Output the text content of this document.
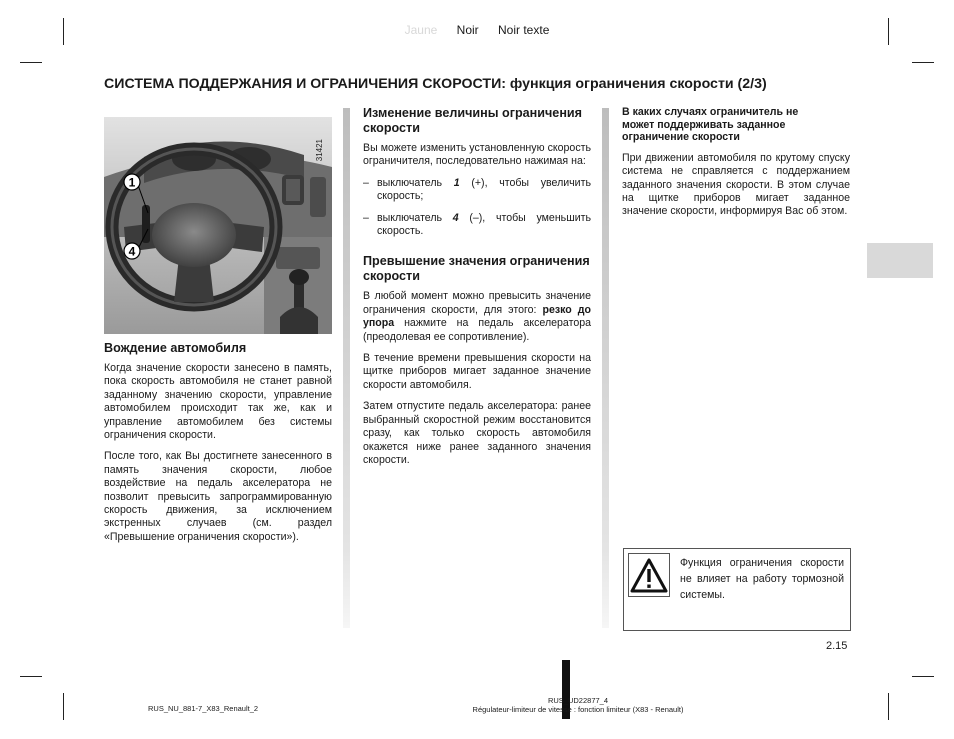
Jaune Noir Noir texte
СИСТЕМА ПОДДЕРЖАНИЯ И ОГРАНИЧЕНИЯ СКОРОСТИ: функция ограничения скорости (2/3)
31421
1
4
Вождение автомобиля

Когда значение скорости занесено в память, пока скорость автомобиля не станет равной заданному значению скорости, управление автомобилем происходит так же, как и управление автомобилем без системы ограничения скорости.

После того, как Вы достигнете занесенного в память значения скорости, любое воздействие на педаль акселератора не позволит превысить запрограммированную скорость движения, за исключением экстренных случаев (см. раздел «Превышение ограничения скорости»).

Изменение величины ограничения скорости

Вы можете изменить установленную скорость ограничителя, последовательно нажимая на:

– выключатель 1 (+), чтобы увеличить скорость;
– выключатель 4 (–), чтобы уменьшить скорость.
Превышение значения ограничения скорости

В любой момент можно превысить значение ограничения скорости, для этого: резко до упора нажмите на педаль акселератора (преодолевая ее сопротивление).

В течение времени превышения скорости на щитке приборов мигает заданное значение скорости автомобиля.

Затем отпустите педаль акселератора: ранее выбранный скоростной режим восстановится сразу, как только скорость автомобиля окажется ниже ранее заданного значения скорости.

В каких случаях ограничитель не может поддерживать заданное ограничение скорости

При движении автомобиля по крутому спуску система не справляется с поддержанием заданного значения скорости. В этом случае на щитке приборов мигает заданное значение скорости, информируя Вас об этом.

Функция ограничения скорости не влияет на работу тормозной системы.
2.15
RUS_NU_881-7_X83_Renault_2
RUS_UD22877_4
Régulateur-limiteur de vitesse : fonction limiteur (X83 - Renault)
